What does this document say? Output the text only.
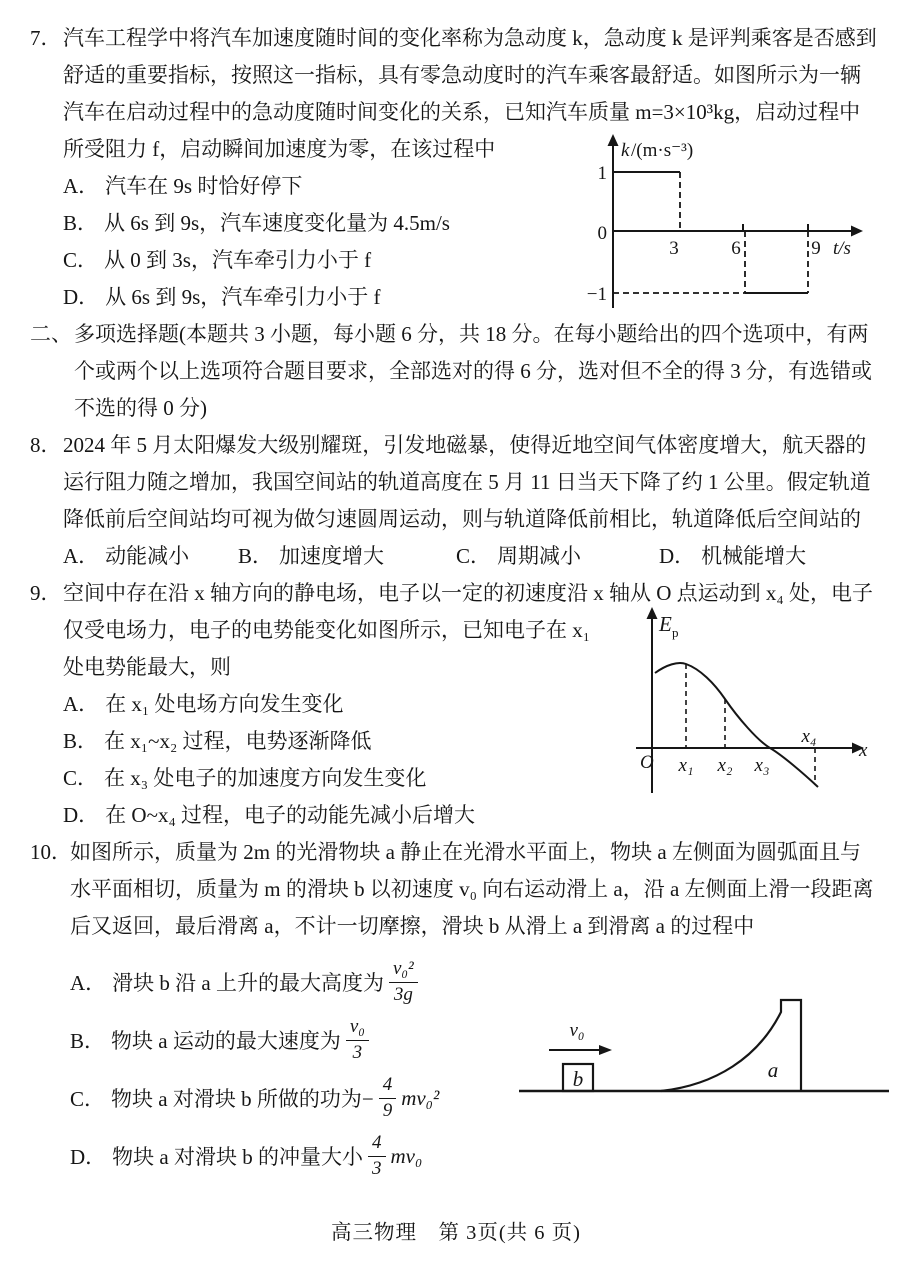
7． 汽车工程学中将汽车加速度随时间的变化率称为急动度 k，急动度 k 是评判乘客是否感到
舒适的重要指标，按照这一指标，具有零急动度时的汽车乘客最舒适。如图所示为一辆
汽车在启动过程中的急动度随时间变化的关系，已知汽车质量 m=3×10³kg，启动过程中
所受阻力 f，启动瞬间加速度为零，在该过程中
A． 汽车在 9s 时恰好停下
B． 从 6s 到 9s，汽车速度变化量为 4.5m/s
C． 从 0 到 3s，汽车牵引力小于 f
D． 从 6s 到 9s，汽车牵引力小于 f
k /(m·s⁻³)
1
0
−1
3	6	9 t/s
二、 多项选择题(本题共 3 小题，每小题 6 分，共 18 分。在每小题给出的四个选项中，有两
个或两个以上选项符合题目要求，全部选对的得 6 分，选对但不全的得 3 分，有选错或
不选的得 0 分)
8． 2024 年 5 月太阳爆发大级别耀斑，引发地磁暴，使得近地空间气体密度增大，航天器的
运行阻力随之增加，我国空间站的轨道高度在 5 月 11 日当天下降了约 1 公里。假定轨道
降低前后空间站均可视为做匀速圆周运动，则与轨道降低前相比，轨道降低后空间站的
A． 动能减小	B． 加速度增大	C． 周期减小	D． 机械能增大
9． 空间中存在沿 x 轴方向的静电场，电子以一定的初速度沿 x 轴从 O 点运动到 x₄ 处，电子
仅受电场力，电子的电势能变化如图所示，已知电子在 x₁
处电势能最大，则
A． 在 x₁ 处电场方向发生变化
B． 在 x₁~x₂ 过程，电势逐渐降低
C． 在 x₃ 处电子的加速度方向发生变化
D． 在 O~x₄ 过程，电子的动能先减小后增大
E p
O x₁ x₂ x₃
x₄
x
10．
如图所示，质量为 2m 的光滑物块 a 静止在光滑水平面上，物块 a 左侧面为圆弧面且与
水平面相切，质量为 m 的滑块 b 以初速度 v₀ 向右运动滑上 a，沿 a 左侧面上滑一段距离
后又返回，最后滑离 a，不计一切摩擦，滑块 b 从滑上 a 到滑离 a 的过程中
A． 滑块 b 沿 a 上升的最大高度为 $\frac{\text{v₀²}}{3g}$
B． 物块 a 运动的最大速度为 $\frac{\text{v₀}}{3}$
C． 物块 a 对滑块 b 所做的功为− $\frac{4}{9} mv_0^2$
D． 物块 a 对滑块 b 的冲量大小 $\frac{4}{3} mv_0$
v₀
b	a
高三物理　第 3页(共 6 页)
